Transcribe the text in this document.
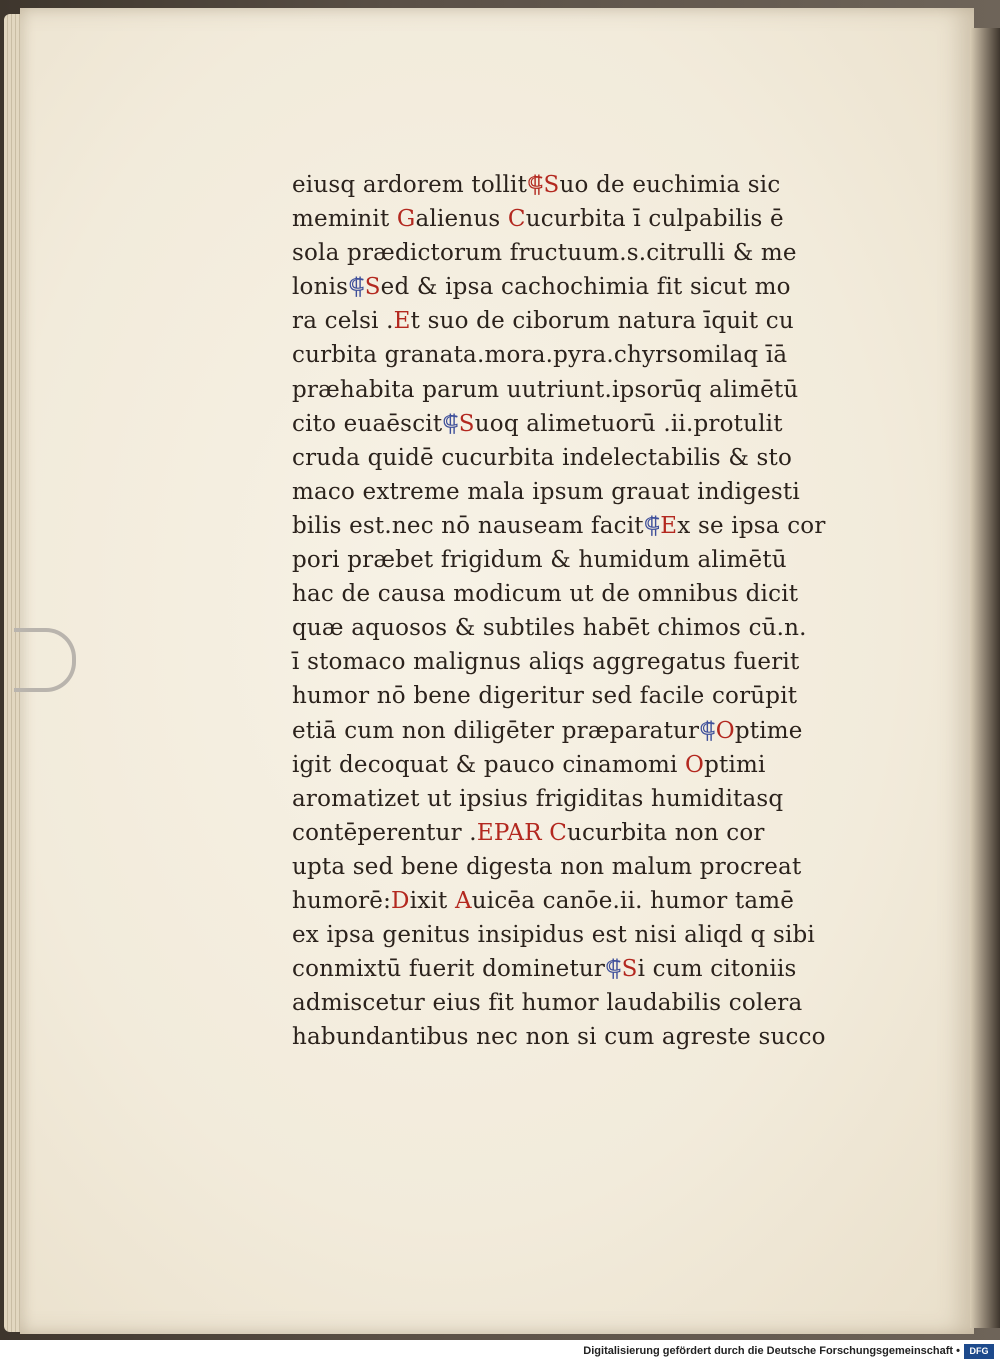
eiusq ardorem tollit⸿Suo de euchimia sic
meminit Galienus Cucurbita ī culpabilis ē
sola prædictorum fructuum.s.citrulli & me
lonis⸿Sed & ipsa cachochimia fit sicut mo
ra celsi .Et suo de ciborum natura īquit cu
curbita granata.mora.pyra.chyrsomilaq īā
præhabita parum uutriunt.ipsorūq alimētū
cito euaēscit⸿Suoq alimetuorū .ii.protulit
cruda quidē cucurbita indelectabilis & sto
maco extreme mala ipsum grauat indigesti
bilis est.nec nō nauseam facit⸿Ex se ipsa cor
pori præbet frigidum & humidum alimētū
hac de causa modicum ut de omnibus dicit
quæ aquosos & subtiles habēt chimos cū.n.
ī stomaco malignus aliqs aggregatus fuerit
humor nō bene digeritur sed facile corūpit
etiā cum non diligēter præparatur⸿Optime
igit decoquat & pauco cinamomi Optimi
aromatizet ut ipsius frigiditas humiditasq
contēperentur .EPAR Cucurbita non cor
upta sed bene digesta non malum procreat
humorē:Dixit Auicēa canōe.ii. humor tamē
ex ipsa genitus insipidus est nisi aliqd q sibi
conmixtū fuerit dominetur⸿Si cum citoniis
admiscetur eius fit humor laudabilis colera
habundantibus nec non si cum agreste succo
Digitalisierung gefördert durch die Deutsche Forschungsgemeinschaft •	DFG
